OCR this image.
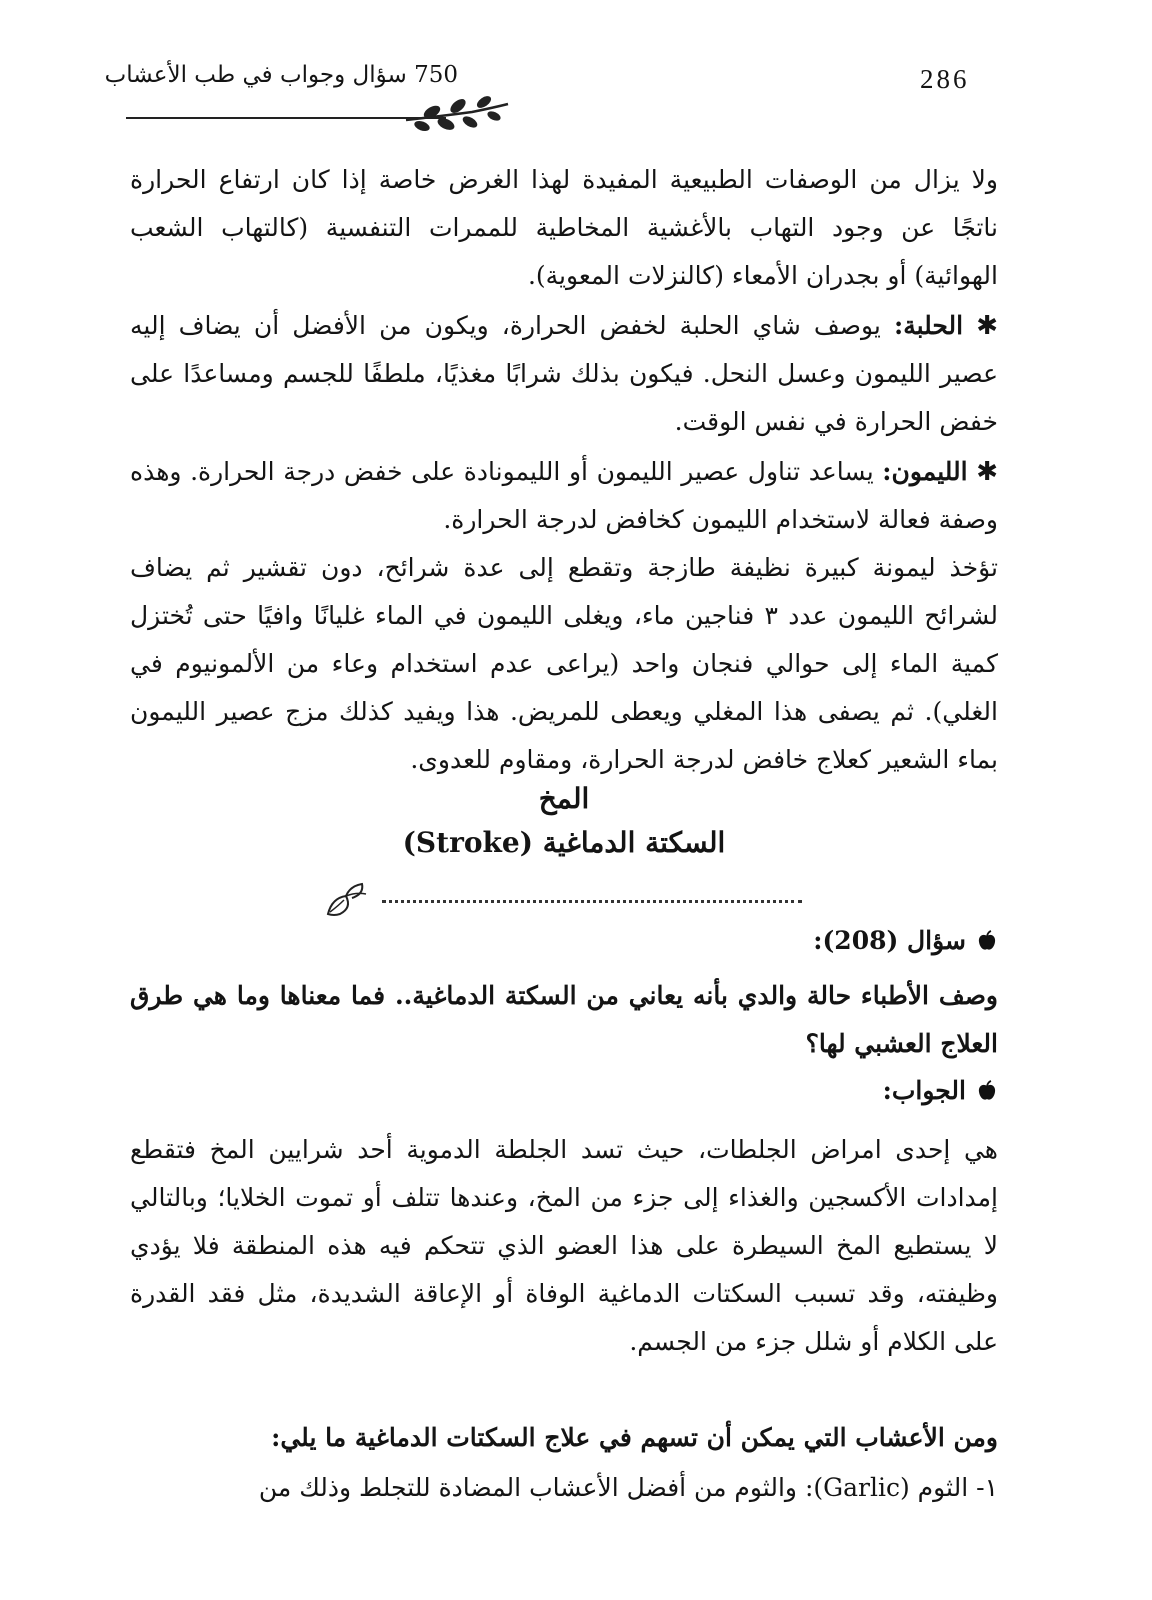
286
750 سؤال وجواب في طب الأعشاب
ولا يزال من الوصفات الطبيعية المفيدة لهذا الغرض خاصة إذا كان ارتفاع الحرارة ناتجًا عن وجود التهاب بالأغشية المخاطية للممرات التنفسية (كالتهاب الشعب الهوائية) أو بجدران الأمعاء (كالنزلات المعوية).
✱ الحلبة: يوصف شاي الحلبة لخفض الحرارة، ويكون من الأفضل أن يضاف إليه عصير الليمون وعسل النحل. فيكون بذلك شرابًا مغذيًا، ملطفًا للجسم ومساعدًا على خفض الحرارة في نفس الوقت.
✱ الليمون: يساعد تناول عصير الليمون أو الليمونادة على خفض درجة الحرارة. وهذه وصفة فعالة لاستخدام الليمون كخافض لدرجة الحرارة.
تؤخذ ليمونة كبيرة نظيفة طازجة وتقطع إلى عدة شرائح، دون تقشير ثم يضاف لشرائح الليمون عدد ٣ فناجين ماء، ويغلى الليمون في الماء غليانًا وافيًا حتى تُختزل كمية الماء إلى حوالي فنجان واحد (يراعى عدم استخدام وعاء من الألمونيوم في الغلي). ثم يصفى هذا المغلي ويعطى للمريض. هذا ويفيد كذلك مزج عصير الليمون بماء الشعير كعلاج خافض لدرجة الحرارة، ومقاوم للعدوى.
المخ
السكتة الدماغية (Stroke)
سؤال (208):
وصف الأطباء حالة والدي بأنه يعاني من السكتة الدماغية.. فما معناها وما هي طرق العلاج العشبي لها؟
الجواب:
هي إحدى امراض الجلطات، حيث تسد الجلطة الدموية أحد شرايين المخ فتقطع إمدادات الأكسجين والغذاء إلى جزء من المخ، وعندها تتلف أو تموت الخلايا؛ وبالتالي لا يستطيع المخ السيطرة على هذا العضو الذي تتحكم فيه هذه المنطقة فلا يؤدي وظيفته، وقد تسبب السكتات الدماغية الوفاة أو الإعاقة الشديدة، مثل فقد القدرة على الكلام أو شلل جزء من الجسم.
ومن الأعشاب التي يمكن أن تسهم في علاج السكتات الدماغية ما يلي:
١- الثوم (Garlic): والثوم من أفضل الأعشاب المضادة للتجلط وذلك من
